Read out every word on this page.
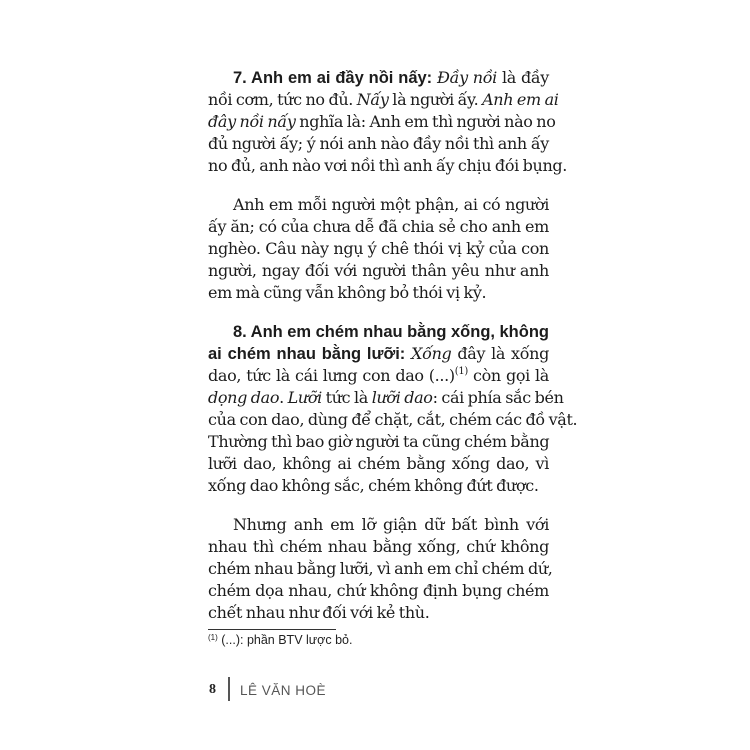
7. Anh em ai đầy nồi nấy: Đầy nồi là đầy
nồi cơm, tức no đủ. Nấy là người ấy. Anh em ai
đây nồi nấy nghĩa là: Anh em thì người nào no
đủ người ấy; ý nói anh nào đầy nồi thì anh ấy
no đủ, anh nào vơi nồi thì anh ấy chịu đói bụng.
Anh em mỗi người một phận, ai có người
ấy ăn; có của chưa dễ đã chia sẻ cho anh em
nghèo. Câu này ngụ ý chê thói vị kỷ của con
người, ngay đối với người thân yêu như anh
em mà cũng vẫn không bỏ thói vị kỷ.
8. Anh em chém nhau bằng xống, không
ai chém nhau bằng lưỡi: Xống đây là xống
dao, tức là cái lưng con dao (...)$^{(1)}$ còn gọi là
dọng dao. Lưỡi tức là lưỡi dao: cái phía sắc bén
của con dao, dùng để chặt, cắt, chém các đồ vật.
Thường thì bao giờ người ta cũng chém bằng
lưỡi dao, không ai chém bằng xống dao, vì
xống dao không sắc, chém không đứt được.
Nhưng anh em lỡ giận dữ bất bình với
nhau thì chém nhau bằng xống, chứ không
chém nhau bằng lưỡi, vì anh em chỉ chém dứ,
chém dọa nhau, chứ không định bụng chém
chết nhau như đối với kẻ thù.
$^{(1)}$ (...): phần BTV lược bỏ.
8 LÊ VĂN HOÈ
